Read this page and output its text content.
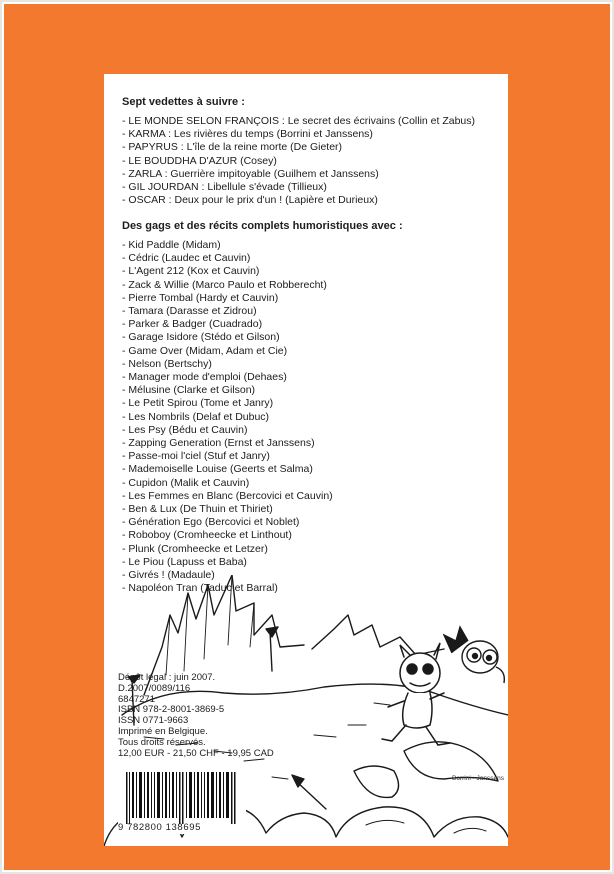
Sept vedettes à suivre :
- LE MONDE SELON FRANÇOIS : Le secret des écrivains (Collin et Zabus)
- KARMA : Les rivières du temps (Borrini et Janssens)
- PAPYRUS : L'île de la reine morte (De Gieter)
- LE BOUDDHA D'AZUR (Cosey)
- ZARLA : Guerrière impitoyable (Guilhem et Janssens)
- GIL JOURDAN : Libellule s'évade (Tillieux)
- OSCAR : Deux pour le prix d'un ! (Lapière et Durieux)
Des gags et des récits complets humoristiques avec :
- Kid Paddle (Midam)
- Cédric (Laudec et Cauvin)
- L'Agent 212 (Kox et Cauvin)
- Zack & Willie (Marco Paulo et Robberecht)
- Pierre Tombal (Hardy et Cauvin)
- Tamara (Darasse et Zidrou)
- Parker & Badger (Cuadrado)
- Garage Isidore (Stédo et Gilson)
- Game Over (Midam, Adam et Cie)
- Nelson (Bertschy)
- Manager mode d'emploi (Dehaes)
- Mélusine (Clarke et Gilson)
- Le Petit Spirou (Tome et Janry)
- Les Nombrils (Delaf et Dubuc)
- Les Psy (Bédu et Cauvin)
- Zapping Generation (Ernst et Janssens)
- Passe-moi l'ciel (Stuf et Janry)
- Mademoiselle Louise (Geerts et Salma)
- Cupidon (Malik et Cauvin)
- Les Femmes en Blanc (Bercovici et Cauvin)
- Ben & Lux (De Thuin et Thiriet)
- Génération Ego (Bercovici et Noblet)
- Roboboy (Cromheecke et Linthout)
- Plunk (Cromheecke et Letzer)
- Le Piou (Lapuss et Baba)
- Givrés ! (Madaule)
- Napoléon Tran (Taduc et Barral)
Dépôt légal : juin 2007.
D.2007/0089/116
6847271
ISBN 978-2-8001-3869-5
ISSN 0771-9663
Imprimé en Belgique.
Tous droits réservés.
12,00 EUR - 21,50 CHF - 19,95 CAD
9 782800 138695
Borrini - Janssens
